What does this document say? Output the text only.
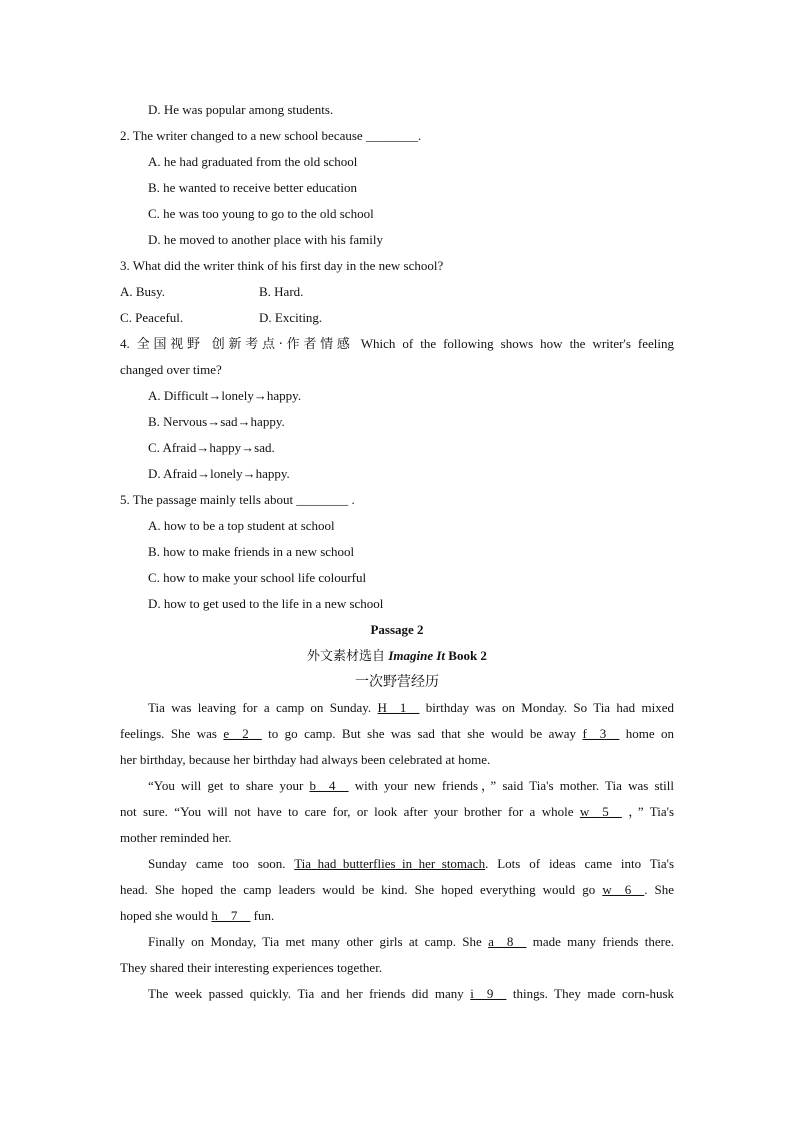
D. He was popular among students.
2. The writer changed to a new school because ________.
A. he had graduated from the old school
B. he wanted to receive better education
C. he was too young to go to the old school
D. he moved to another place with his family
3. What did the writer think of his first day in the new school?
A. Busy.	B. Hard.
C. Peaceful.	D. Exciting.
4. 全国视野 创新考点·作者情感 Which of the following shows how the writer's feeling
changed over time?
A. Difficult→lonely→happy.
B. Nervous→sad→happy.
C. Afraid→happy→sad.
D. Afraid→lonely→happy.
5. The passage mainly tells about ________ .
A. how to be a top student at school
B. how to make friends in a new school
C. how to make your school life colourful
D. how to get used to the life in a new school
Passage 2
外文素材选自 Imagine It Book 2
一次野营经历
Tia was leaving for a camp on Sunday. H__1__ birthday was on Monday. So Tia had mixed
feelings. She was e__2__ to go camp. But she was sad that she would be away f__3__ home on
her birthday, because her birthday had always been celebrated at home.
“You will get to share your b__4__ with your new friends，” said Tia's mother. Tia was still
not sure. “You will not have to care for, or look after your brother for a whole w__5__ ，” Tia's
mother reminded her.
Sunday came too soon. Tia_had_butterflies_in_her_stomach. Lots of ideas came into Tia's
head. She hoped the camp leaders would be kind. She hoped everything would go w__6__. She
hoped she would h__7__ fun.
Finally on Monday, Tia met many other girls at camp. She a__8__ made many friends there.
They shared their interesting experiences together.
The week passed quickly. Tia and her friends did many i__9__ things. They made corn-husk
